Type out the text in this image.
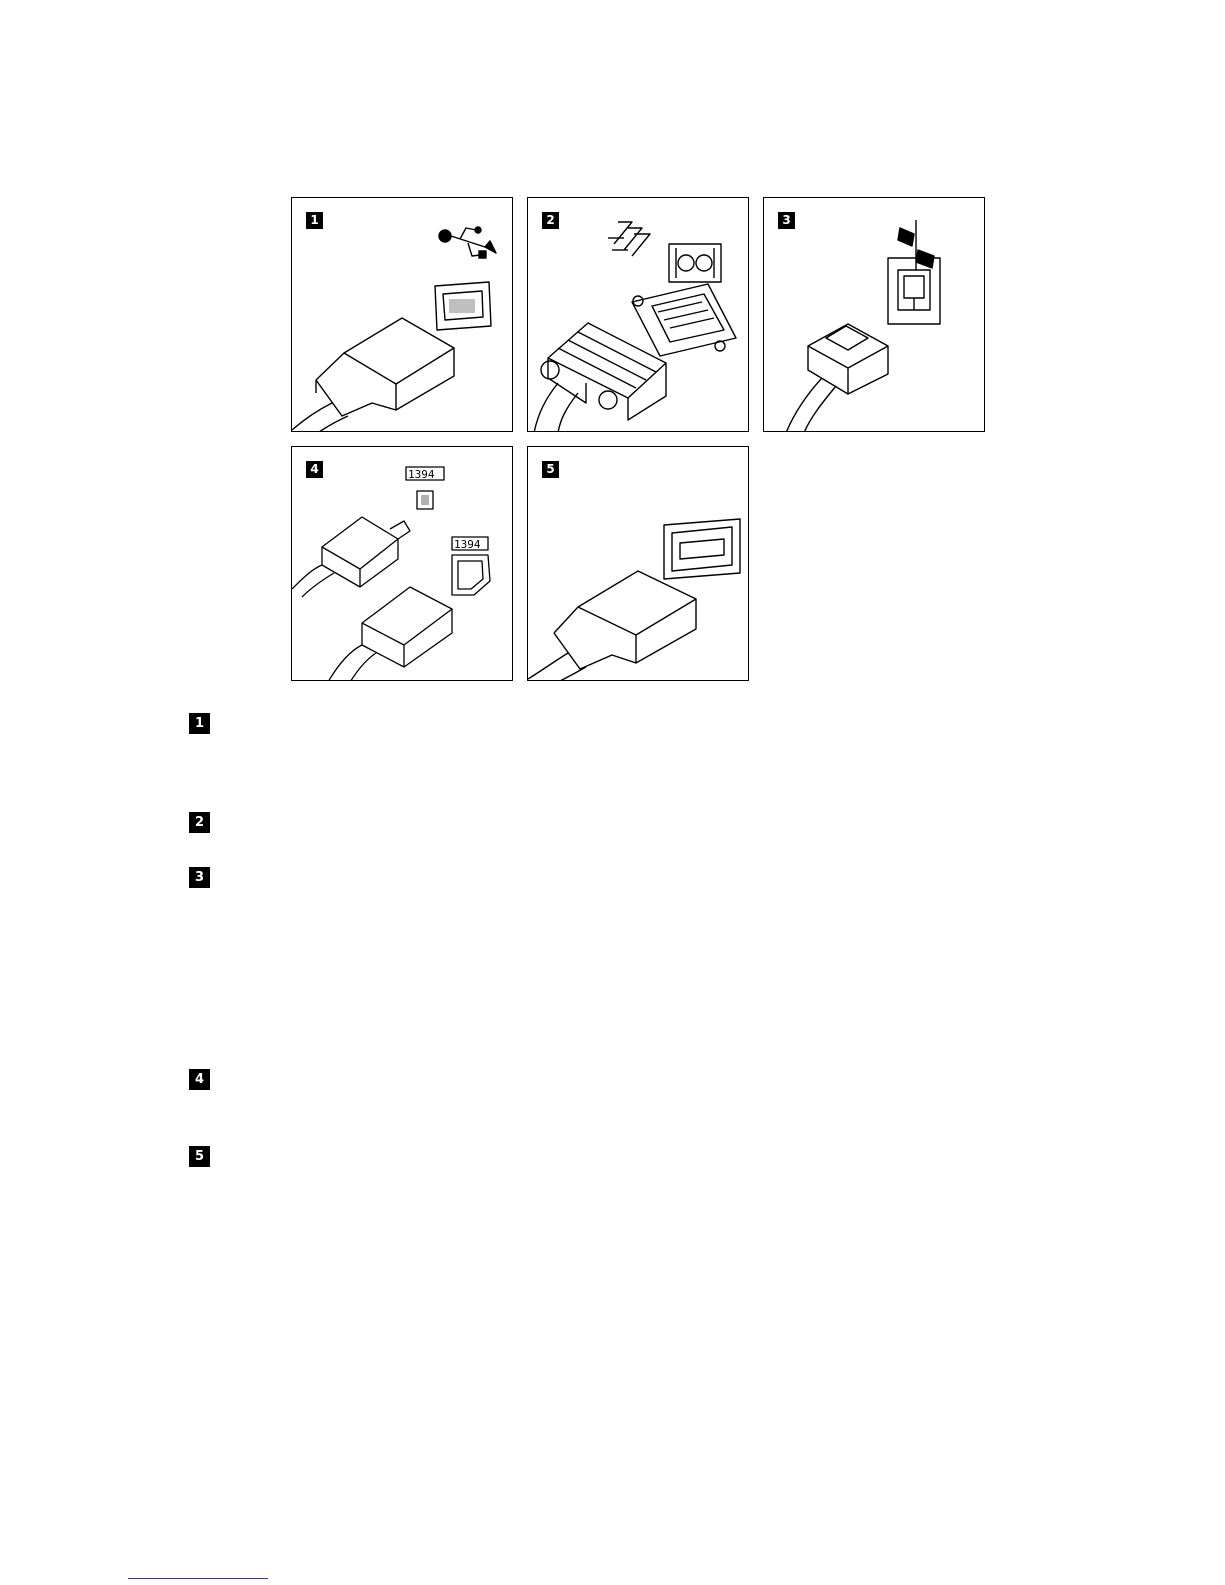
.
1	2	3
1394
1394
4	5
1
2
3
4
5
